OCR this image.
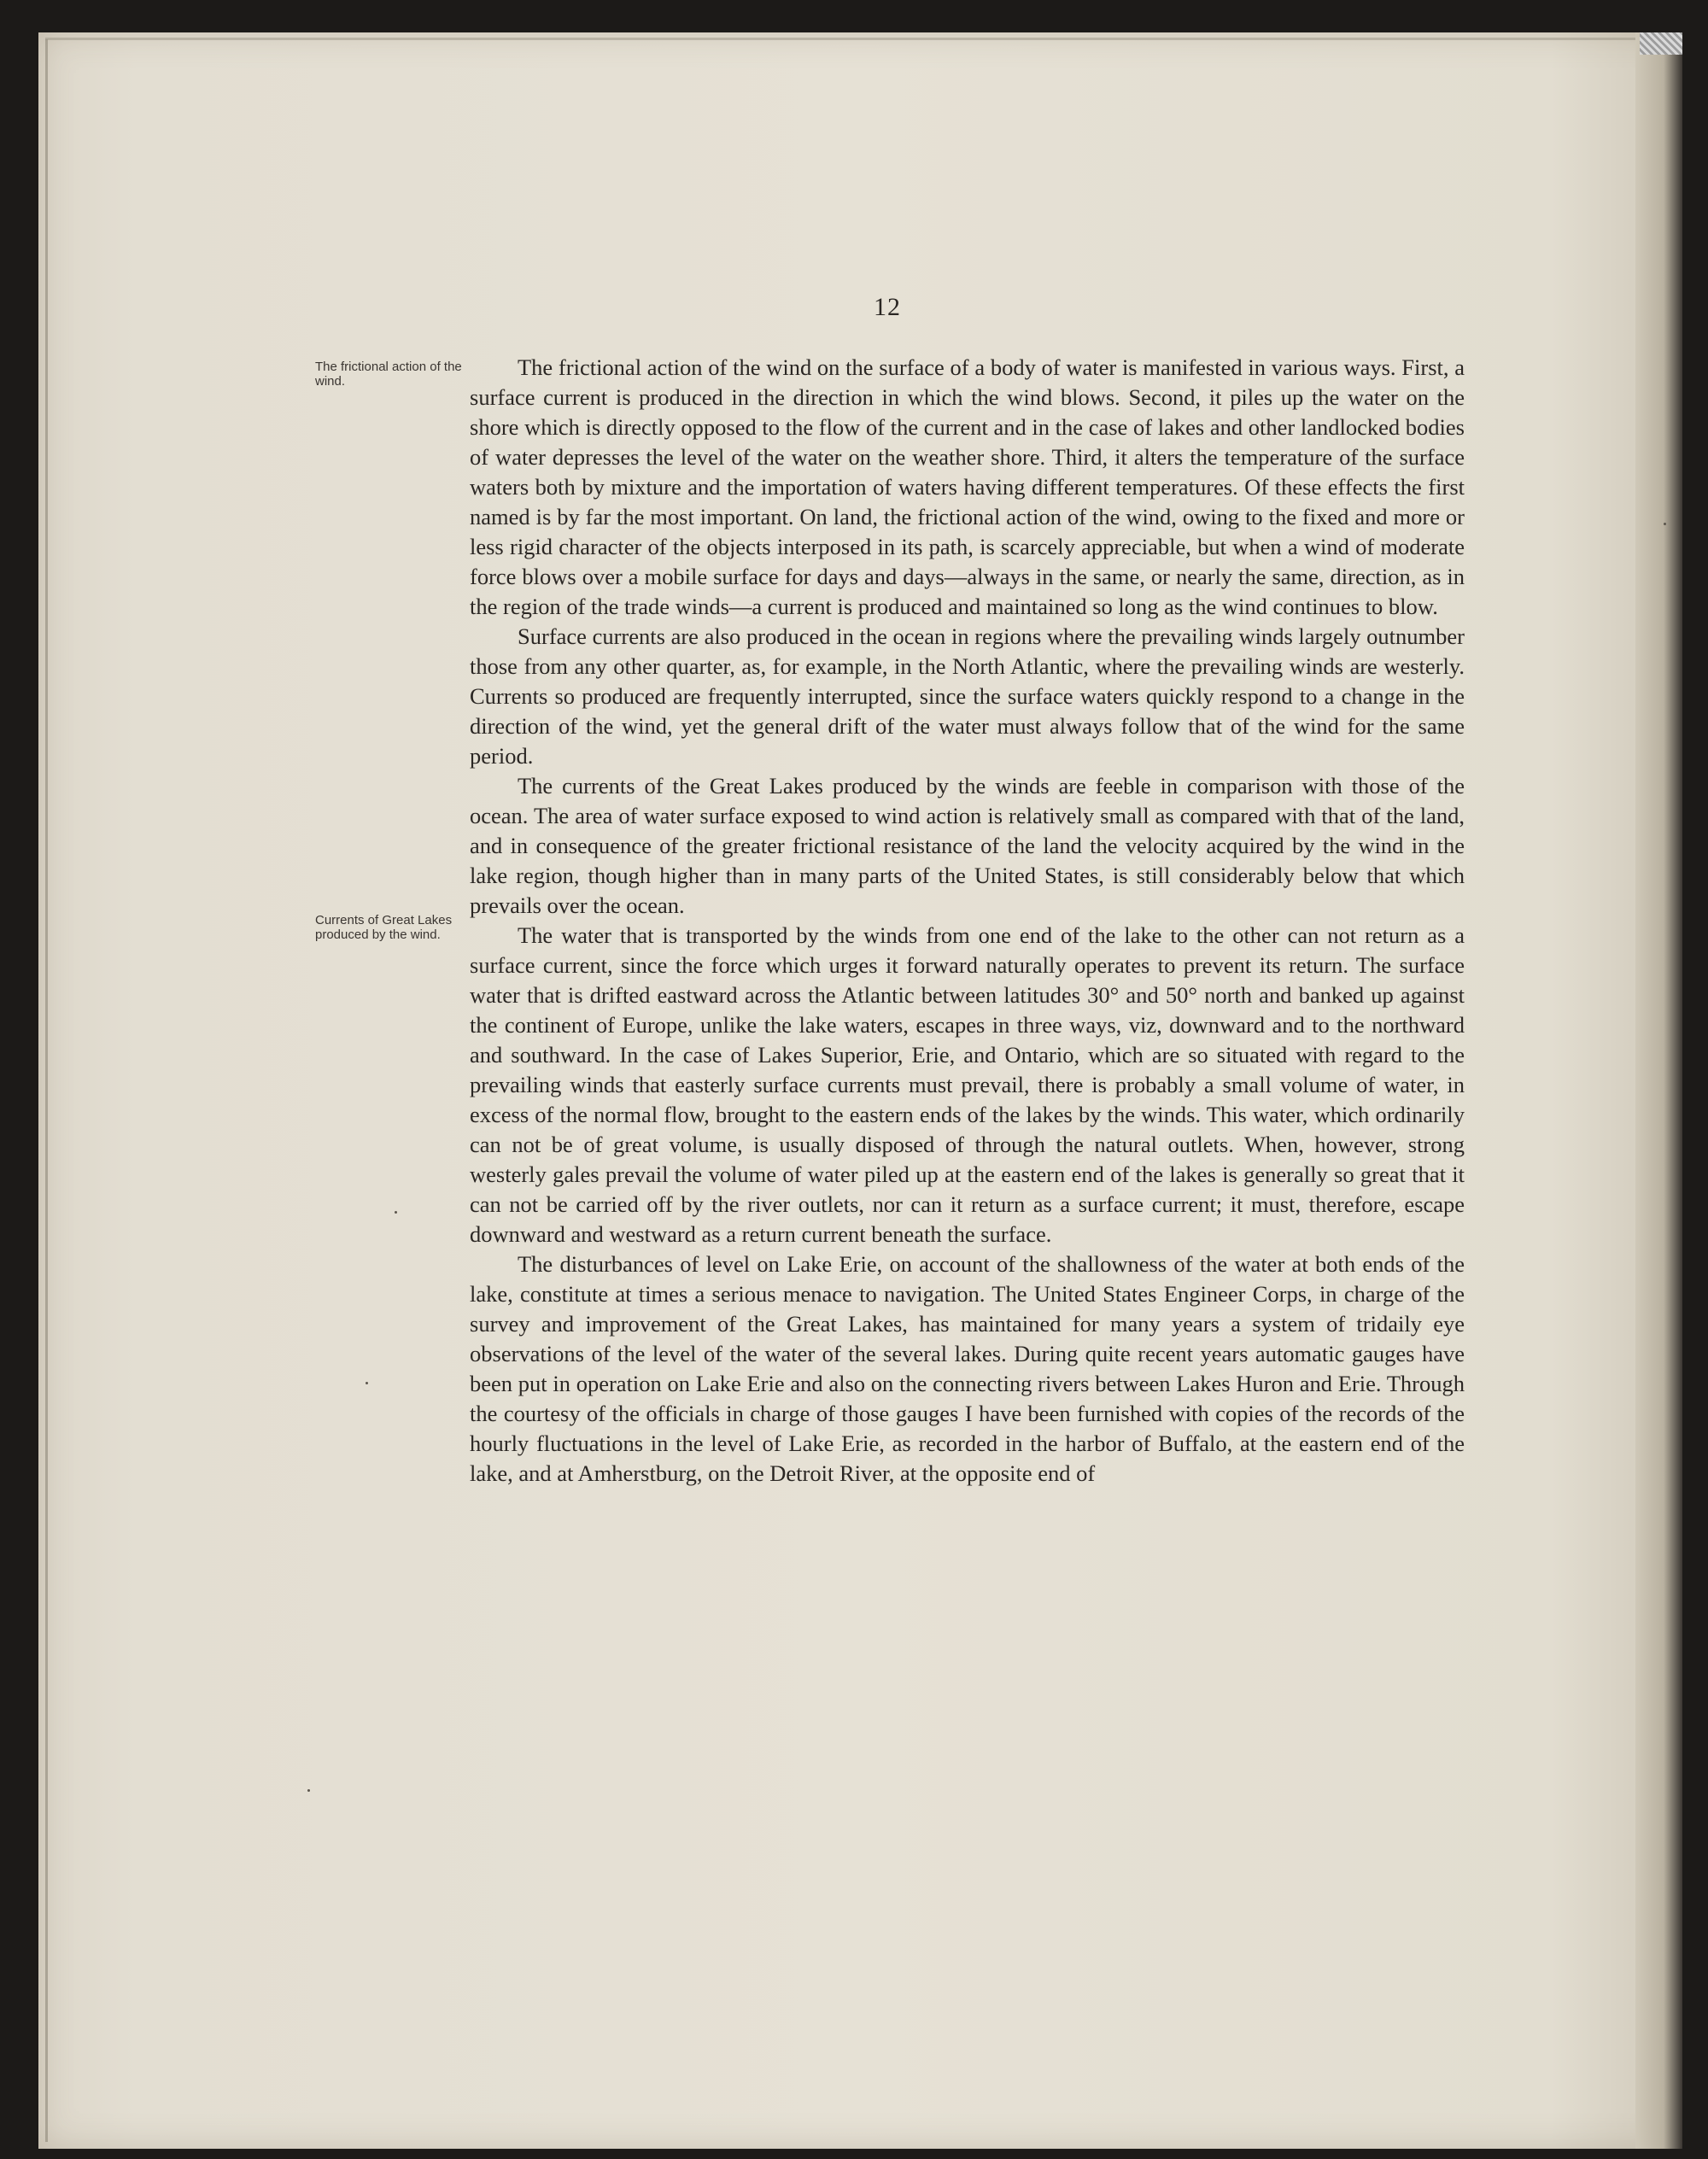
12
The frictional action of the wind.
Currents of Great Lakes produced by the wind.

The frictional action of the wind on the surface of a body of water is manifested in various ways. First, a surface current is produced in the direction in which the wind blows. Second, it piles up the water on the shore which is directly opposed to the flow of the current and in the case of lakes and other landlocked bodies of water depresses the level of the water on the weather shore. Third, it alters the temperature of the surface waters both by mixture and the importation of waters having different temperatures. Of these effects the first named is by far the most important. On land, the frictional action of the wind, owing to the fixed and more or less rigid character of the objects interposed in its path, is scarcely appreciable, but when a wind of moderate force blows over a mobile surface for days and days—always in the same, or nearly the same, direction, as in the region of the trade winds—a current is produced and maintained so long as the wind continues to blow.

Surface currents are also produced in the ocean in regions where the prevailing winds largely outnumber those from any other quarter, as, for example, in the North Atlantic, where the prevailing winds are westerly. Currents so produced are frequently interrupted, since the surface waters quickly respond to a change in the direction of the wind, yet the general drift of the water must always follow that of the wind for the same period.

The currents of the Great Lakes produced by the winds are feeble in comparison with those of the ocean. The area of water surface exposed to wind action is relatively small as compared with that of the land, and in consequence of the greater frictional resistance of the land the velocity acquired by the wind in the lake region, though higher than in many parts of the United States, is still considerably below that which prevails over the ocean.

The water that is transported by the winds from one end of the lake to the other can not return as a surface current, since the force which urges it forward naturally operates to prevent its return. The surface water that is drifted eastward across the Atlantic between latitudes 30° and 50° north and banked up against the continent of Europe, unlike the lake waters, escapes in three ways, viz, downward and to the northward and southward. In the case of Lakes Superior, Erie, and Ontario, which are so situated with regard to the prevailing winds that easterly surface currents must prevail, there is probably a small volume of water, in excess of the normal flow, brought to the eastern ends of the lakes by the winds. This water, which ordinarily can not be of great volume, is usually disposed of through the natural outlets. When, however, strong westerly gales prevail the volume of water piled up at the eastern end of the lakes is generally so great that it can not be carried off by the river outlets, nor can it return as a surface current; it must, therefore, escape downward and westward as a return current beneath the surface.

The disturbances of level on Lake Erie, on account of the shallowness of the water at both ends of the lake, constitute at times a serious menace to navigation. The United States Engineer Corps, in charge of the survey and improvement of the Great Lakes, has maintained for many years a system of tridaily eye observations of the level of the water of the several lakes. During quite recent years automatic gauges have been put in operation on Lake Erie and also on the connecting rivers between Lakes Huron and Erie. Through the courtesy of the officials in charge of those gauges I have been furnished with copies of the records of the hourly fluctuations in the level of Lake Erie, as recorded in the harbor of Buffalo, at the eastern end of the lake, and at Amherstburg, on the Detroit River, at the opposite end of
